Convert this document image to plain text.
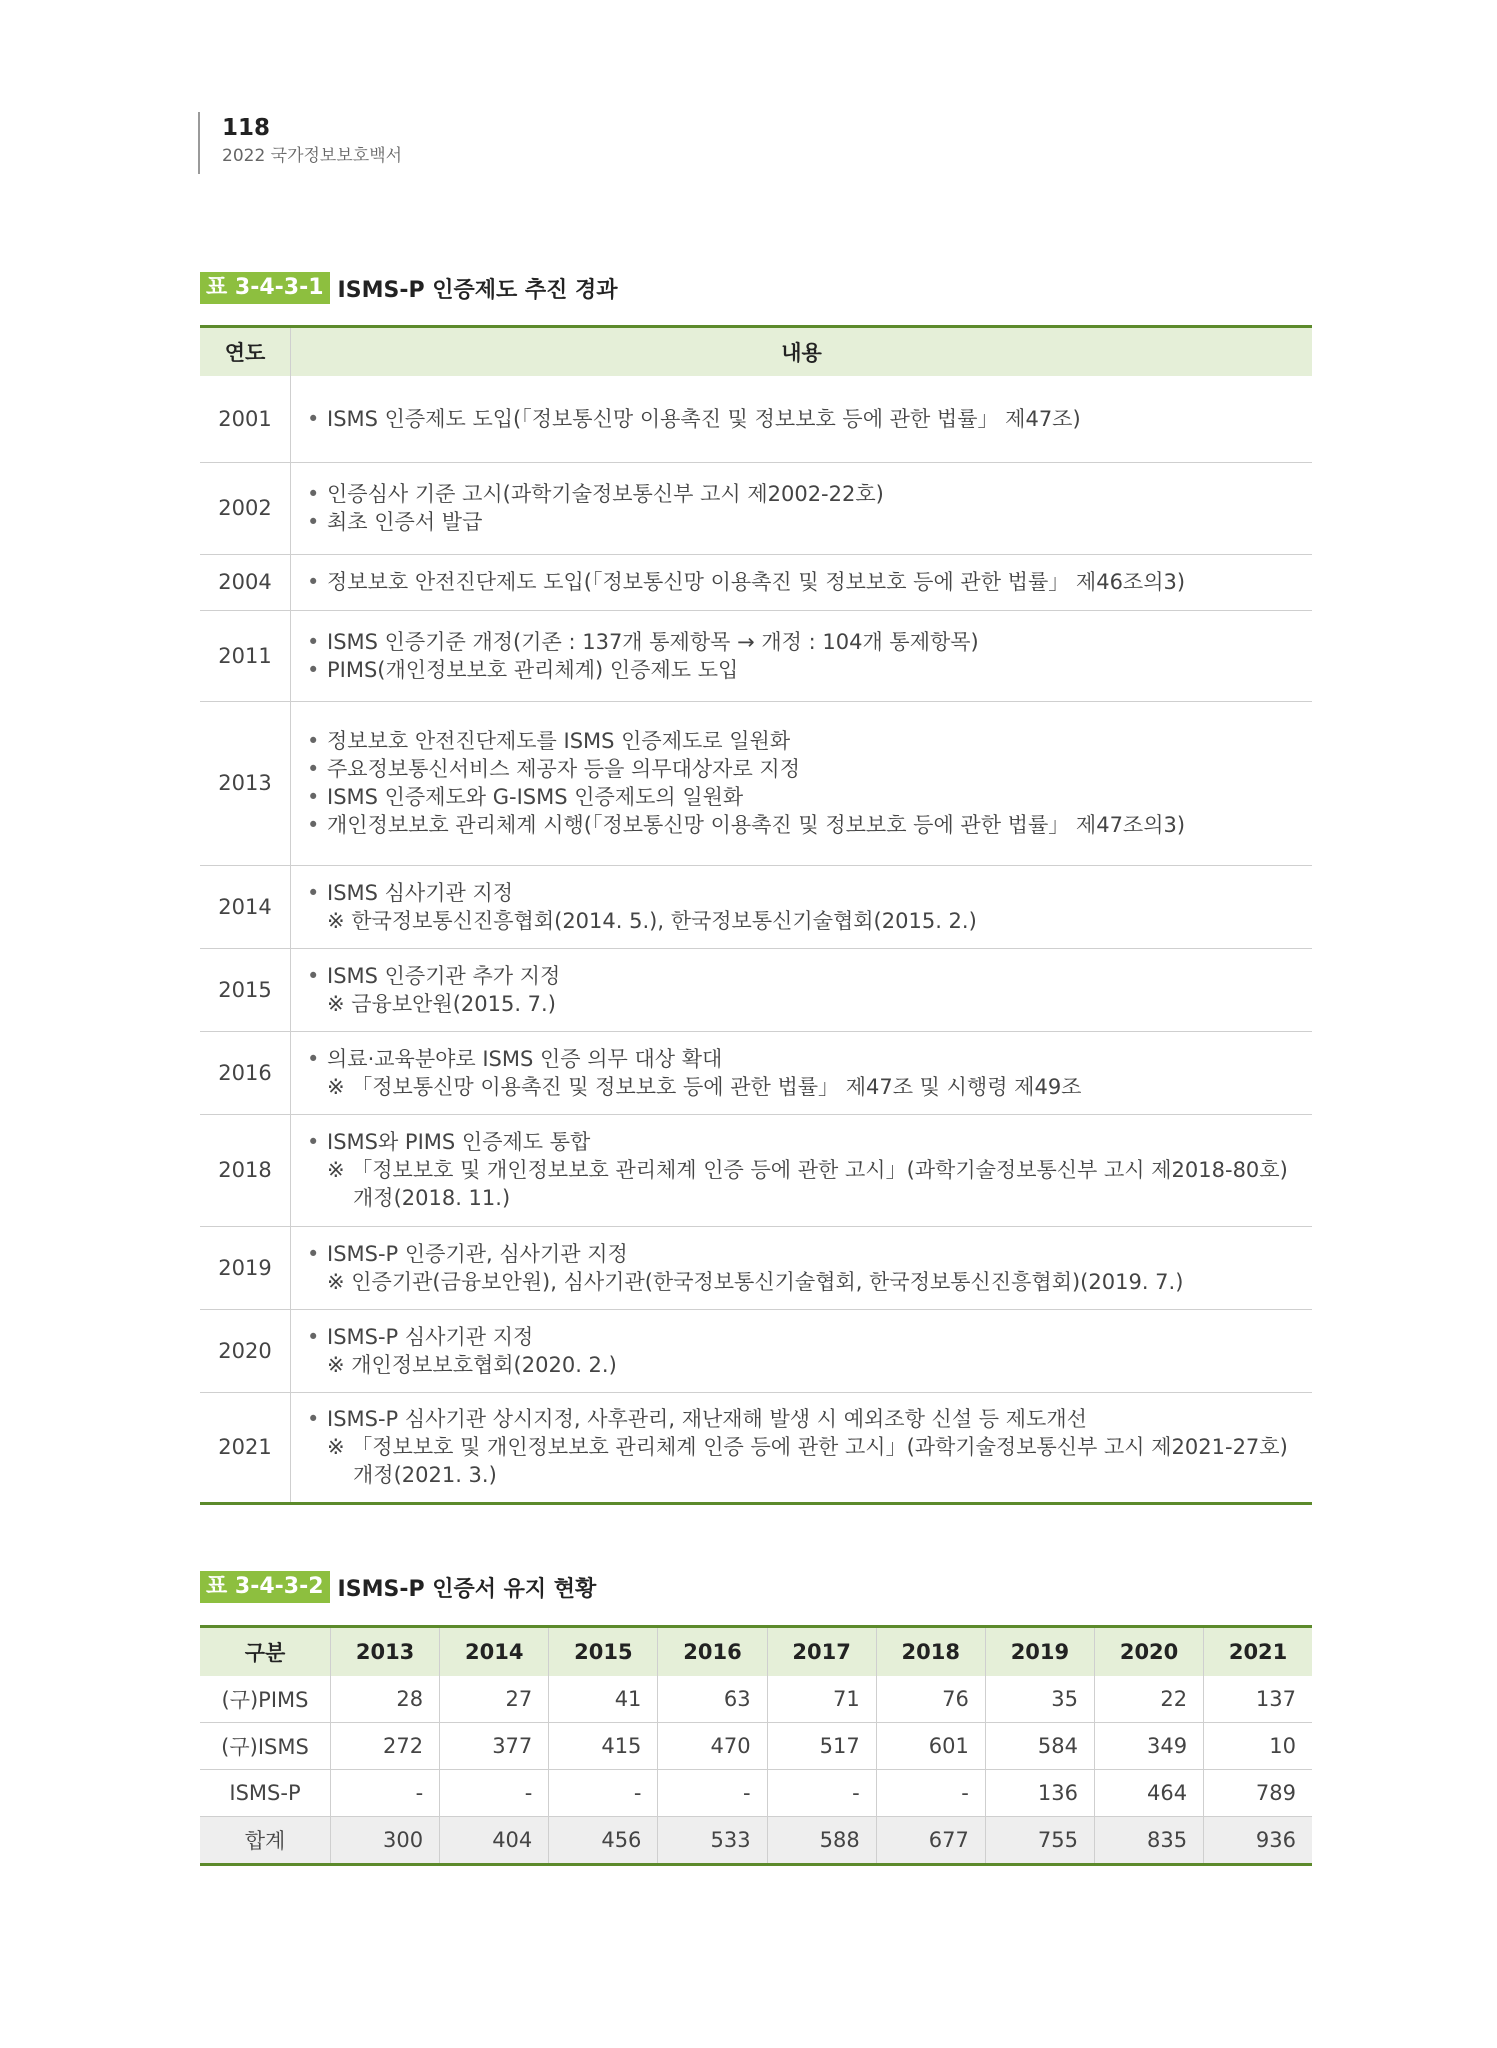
118
2022 국가정보보호백서
표 3-4-3-1 ISMS-P 인증제도 추진 경과
연도	내용
2001	• ISMS 인증제도 도입(「정보통신망 이용촉진 및 정보보호 등에 관한 법률」 제47조)

2002	• 인증심사 기준 고시(과학기술정보통신부 고시 제2002-22호)
• 최초 인증서 발급

2004	• 정보보호 안전진단제도 도입(「정보통신망 이용촉진 및 정보보호 등에 관한 법률」 제46조의3)

2011	• ISMS 인증기준 개정(기존 : 137개 통제항목 → 개정 : 104개 통제항목)
• PIMS(개인정보보호 관리체계) 인증제도 도입

2013	• 정보보호 안전진단제도를 ISMS 인증제도로 일원화
• 주요정보통신서비스 제공자 등을 의무대상자로 지정
• ISMS 인증제도와 G-ISMS 인증제도의 일원화
• 개인정보보호 관리체계 시행(「정보통신망 이용촉진 및 정보보호 등에 관한 법률」 제47조의3)

2014	• ISMS 심사기관 지정
※ 한국정보통신진흥협회(2014. 5.), 한국정보통신기술협회(2015. 2.)

2015	• ISMS 인증기관 추가 지정
※ 금융보안원(2015. 7.)

2016	• 의료·교육분야로 ISMS 인증 의무 대상 확대
※ 「정보통신망 이용촉진 및 정보보호 등에 관한 법률」 제47조 및 시행령 제49조

2018	• ISMS와 PIMS 인증제도 통합
※ 「정보보호 및 개인정보보호 관리체계 인증 등에 관한 고시」(과학기술정보통신부 고시 제2018-80호)
개정(2018. 11.)

2019	• ISMS-P 인증기관, 심사기관 지정
※ 인증기관(금융보안원), 심사기관(한국정보통신기술협회, 한국정보통신진흥협회)(2019. 7.)

2020	• ISMS-P 심사기관 지정
※ 개인정보보호협회(2020. 2.)

2021	• ISMS-P 심사기관 상시지정, 사후관리, 재난재해 발생 시 예외조항 신설 등 제도개선
※ 「정보보호 및 개인정보보호 관리체계 인증 등에 관한 고시」(과학기술정보통신부 고시 제2021-27호)
개정(2021. 3.)
표 3-4-3-2 ISMS-P 인증서 유지 현황
구분	2013	2014	2015	2016	2017	2018	2019	2020	2021
(구)PIMS	28	27	41	63	71	76	35	22	137
(구)ISMS	272	377	415	470	517	601	584	349	10
ISMS-P	-	-	-	-	-	-	136	464	789
합계	300	404	456	533	588	677	755	835	936
